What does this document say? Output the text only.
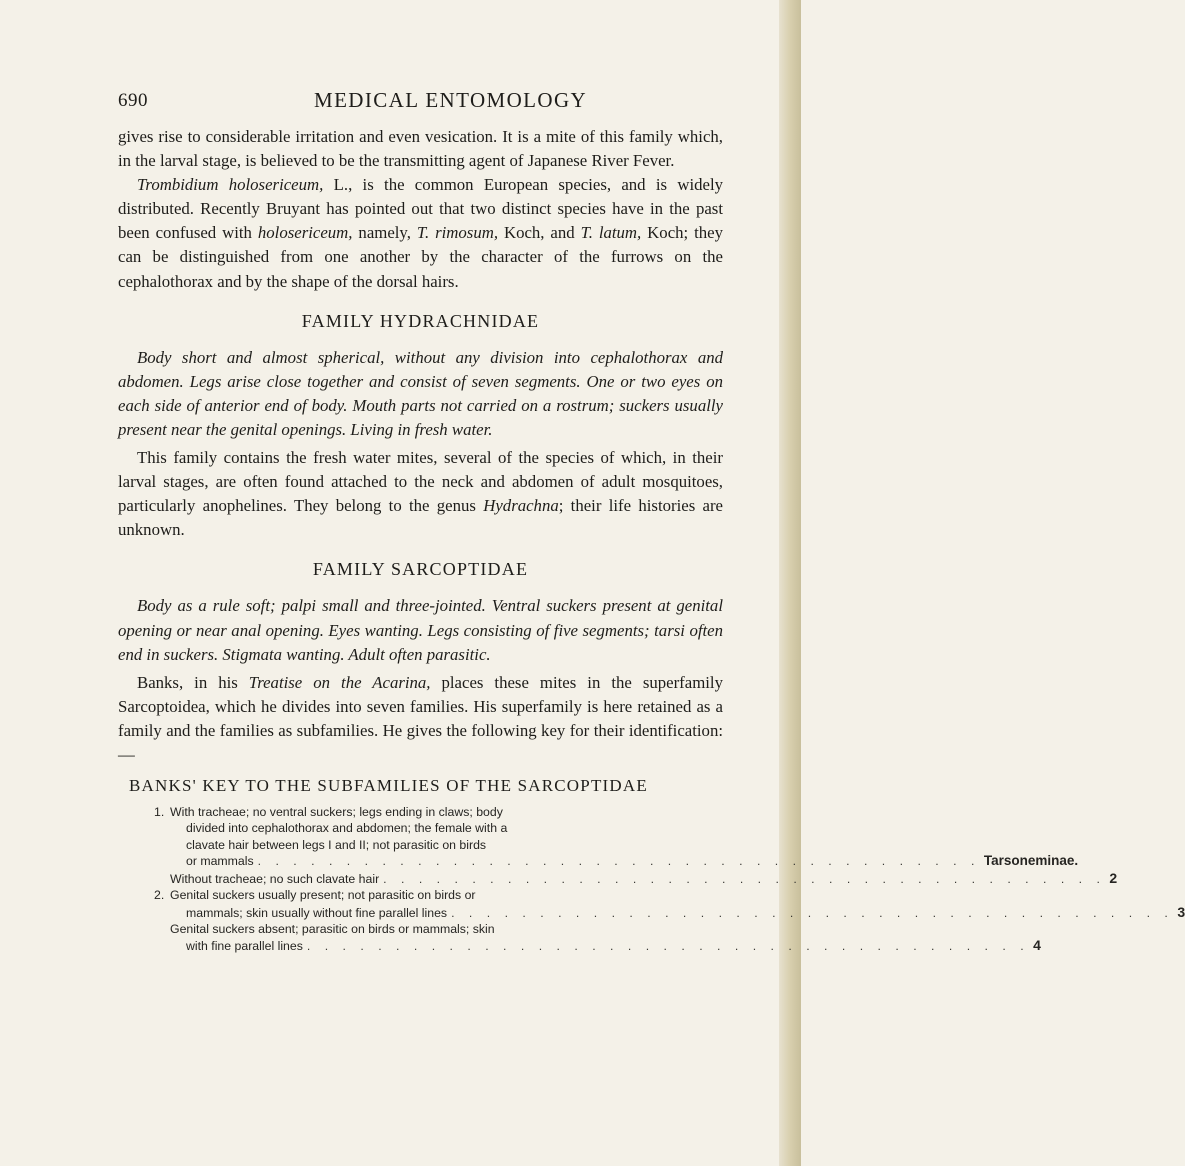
690	MEDICAL ENTOMOLOGY

gives rise to considerable irritation and even vesication. It is a mite of this family which, in the larval stage, is believed to be the transmitting agent of Japanese River Fever.

Trombidium holosericeum, L., is the common European species, and is widely distributed. Recently Bruyant has pointed out that two distinct species have in the past been confused with holosericeum, namely, T. rimosum, Koch, and T. latum, Koch; they can be distinguished from one another by the character of the furrows on the cephalothorax and by the shape of the dorsal hairs.

FAMILY HYDRACHNIDAE

Body short and almost spherical, without any division into cephalothorax and abdomen. Legs arise close together and consist of seven segments. One or two eyes on each side of anterior end of body. Mouth parts not carried on a rostrum; suckers usually present near the genital openings. Living in fresh water.

This family contains the fresh water mites, several of the species of which, in their larval stages, are often found attached to the neck and abdomen of adult mosquitoes, particularly anophelines. They belong to the genus Hydrachna; their life histories are unknown.

FAMILY SARCOPTIDAE

Body as a rule soft; palpi small and three-jointed. Ventral suckers present at genital opening or near anal opening. Eyes wanting. Legs consisting of five segments; tarsi often end in suckers. Stigmata wanting. Adult often parasitic.

Banks, in his Treatise on the Acarina, places these mites in the superfamily Sarcoptoidea, which he divides into seven families. His superfamily is here retained as a family and the families as subfamilies. He gives the following key for their identification:—

BANKS' KEY TO THE SUBFAMILIES OF THE SARCOPTIDAE
1. With tracheae; no ventral suckers; legs ending in claws; body
divided into cephalothorax and abdomen; the female with a
clavate hair between legs I and II; not parasitic on birds
or mammals . . . . . . . . . . . . . . . . . . . . . . . . . . . . . . . . . . . . . . . . . Tarsoneminae.
Without tracheae; no such clavate hair . . . . . . . . . . . . . . . . . . . . . . . . . . . . . . . . . . . . . . . . . 2
2. Genital suckers usually present; not parasitic on birds or
mammals; skin usually without fine parallel lines . . . . . . . . . . . . . . . . . . . . . . . . . . . . . . . . . . . . . . . . . 3
Genital suckers absent; parasitic on birds or mammals; skin
with fine parallel lines . . . . . . . . . . . . . . . . . . . . . . . . . . . . . . . . . . . . . . . . . 4
